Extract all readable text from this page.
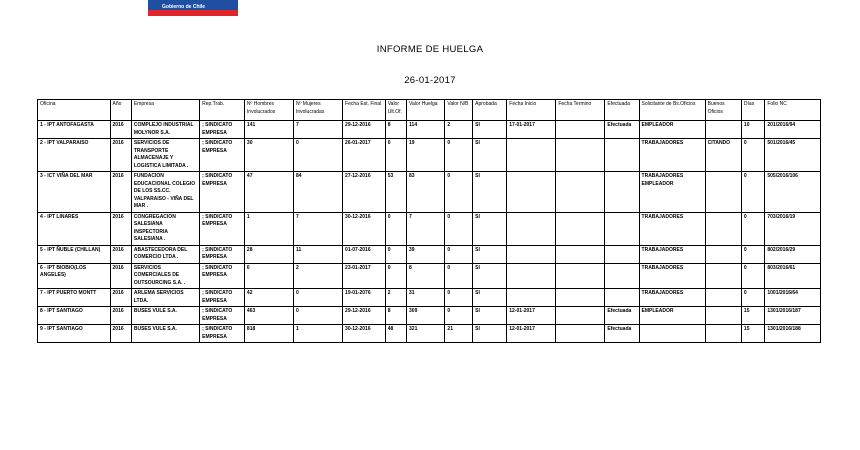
Gobierno de Chile
INFORME DE HUELGA
26-01-2017
Oficina	Año	Empresa	Rep.Trab.	Nº Hombres Involucrados	Nº Mujeres Involucradas	Fecha Est. Final	Valor Ult.Of.	Valor Huelga	Valor N/B	Aprobada	Fecha Inicio	Fecha Termino	Efectuada	Solicitante de Bs.Oficios	Buenos Oficios	Días	Folio NC
1 - IPT ANTOFAGASTA	2016	COMPLEJO INDUSTRIAL MOLYNOR S.A.	; SINDICATO EMPRESA	141	7	29-12-2016	8	114	2	SI	17-01-2017		Efectuada	EMPLEADOR		10	201/2016/94
2 - IPT VALPARAISO	2016	SERVICIOS DE TRANSPORTE ALMACENAJE Y LOGISTICA LIMITADA .	; SINDICATO EMPRESA	30	0	26-01-2017	0	19	0	SI				TRABAJADORES	CITANDO	0	501/2016/45
3 - ICT VIÑA DEL MAR	2016	FUNDACION EDUCACIONAL COLEGIO DE LOS SS.CC. VALPARAISO - VIÑA DEL MAR .	; SINDICATO EMPRESA	47	84	27-12-2016	53	83	0	SI				TRABAJADORES EMPLEADOR		0	505/2016/106
4 - IPT LINARES	2016	CONGREGACION SALESIANA INSPECTORIA SALESIANA .	; SINDICATO EMPRESA	1	7	30-12-2016	0	7	0	SI				TRABAJADORES		0	703/2016/19
5 - IPT ÑUBLE (CHILLAN)	2016	ABASTECEDORA DEL COMERCIO LTDA .	; SINDICATO EMPRESA	28	11	01-07-2016	0	39	0	SI				TRABAJADORES		0	802/2016/29
6 - IPT BIOBIO(LOS ANGELES)	2016	SERVICIOS COMERCIALES DE OUTSOURCING S.A. .	; SINDICATO EMPRESA	6	2	23-01-2017	0	8	0	SI				TRABAJADORES		0	803/2016/61
7 - IPT PUERTO MONTT	2016	ARLEMA SERVICIOS LTDA.	; SINDICATO EMPRESA	42	0	19-01-2076	2	31	0	SI				TRABAJADORES		0	1001/2016/64
8 - IPT SANTIAGO	2016	BUSES VULE S.A.	; SINDICATO EMPRESA	463	0	29-12-2016	8	309	0	SI	12-01-2017		Efectuada	EMPLEADOR		15	1301/2016/187
9 - IPT SANTIAGO	2016	BUSES VULE S.A.	; SINDICATO EMPRESA	818	1	30-12-2016	48	321	21	SI	12-01-2017		Efectuada			15	1301/2016/188
